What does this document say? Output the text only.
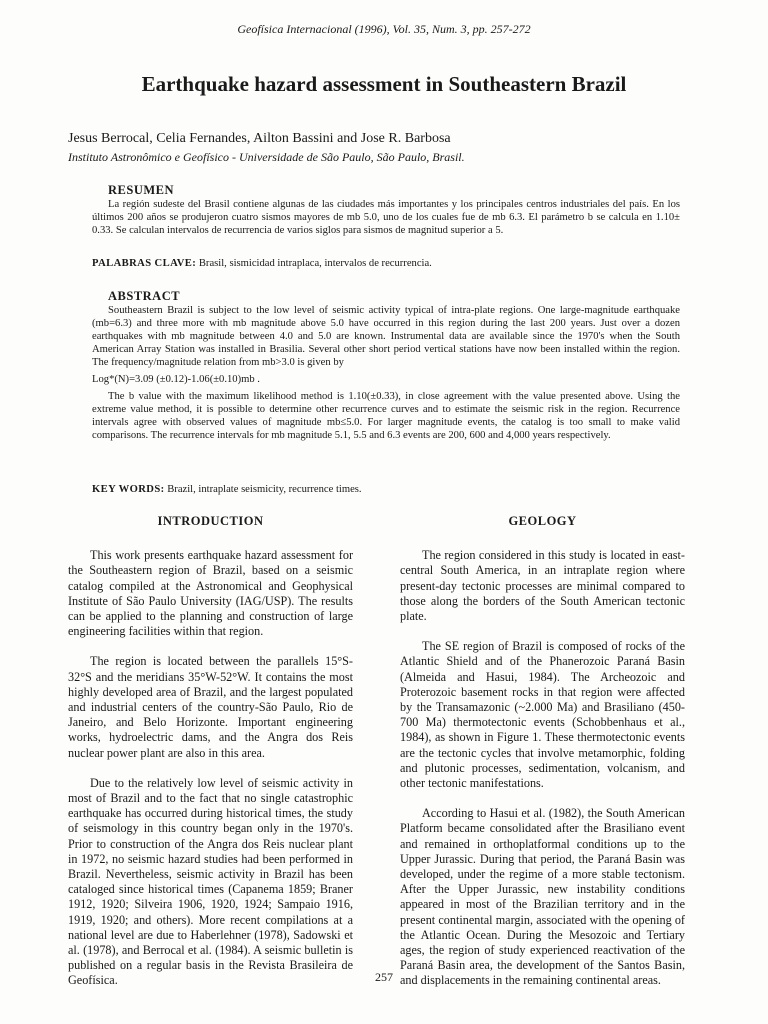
Geofísica Internacional (1996), Vol. 35, Num. 3, pp. 257-272
Earthquake hazard assessment in Southeastern Brazil
Jesus Berrocal, Celia Fernandes, Ailton Bassini and Jose R. Barbosa
Instituto Astronômico e Geofísico - Universidade de São Paulo, São Paulo, Brasil.
RESUMEN

La región sudeste del Brasil contiene algunas de las ciudades más importantes y los principales centros industriales del país. En los últimos 200 años se produjeron cuatro sismos mayores de mb 5.0, uno de los cuales fue de mb 6.3. El parámetro b se calcula en 1.10± 0.33. Se calculan intervalos de recurrencia de varios siglos para sismos de magnitud superior a 5.

PALABRAS CLAVE: Brasil, sismicidad intraplaca, intervalos de recurrencia.
ABSTRACT

Southeastern Brazil is subject to the low level of seismic activity typical of intra-plate regions. One large-magnitude earthquake (mb=6.3) and three more with mb magnitude above 5.0 have occurred in this region during the last 200 years. Just over a dozen earthquakes with mb magnitude between 4.0 and 5.0 are known. Instrumental data are available since the 1970's when the South American Array Station was installed in Brasilia. Several other short period vertical stations have now been installed within the region. The frequency/magnitude relation from mb>3.0 is given by

Log*(N)=3.09 (±0.12)-1.06(±0.10)mb .

The b value with the maximum likelihood method is 1.10(±0.33), in close agreement with the value presented above. Using the extreme value method, it is possible to determine other recurrence curves and to estimate the seismic risk in the region. Recurrence intervals agree with observed values of magnitude mb≤5.0. For larger magnitude events, the catalog is too small to make valid comparisons. The recurrence intervals for mb magnitude 5.1, 5.5 and 6.3 events are 200, 600 and 4,000 years respectively.

KEY WORDS: Brazil, intraplate seismicity, recurrence times.
INTRODUCTION

This work presents earthquake hazard assessment for the Southeastern region of Brazil, based on a seismic catalog compiled at the Astronomical and Geophysical Institute of São Paulo University (IAG/USP). The results can be applied to the planning and construction of large engineering facilities within that region.

The region is located between the parallels 15°S-32°S and the meridians 35°W-52°W. It contains the most highly developed area of Brazil, and the largest populated and industrial centers of the country-São Paulo, Rio de Janeiro, and Belo Horizonte. Important engineering works, hydroelectric dams, and the Angra dos Reis nuclear power plant are also in this area.

Due to the relatively low level of seismic activity in most of Brazil and to the fact that no single catastrophic earthquake has occurred during historical times, the study of seismology in this country began only in the 1970's. Prior to construction of the Angra dos Reis nuclear plant in 1972, no seismic hazard studies had been performed in Brazil. Nevertheless, seismic activity in Brazil has been cataloged since historical times (Capanema 1859; Braner 1912, 1920; Silveira 1906, 1920, 1924; Sampaio 1916, 1919, 1920; and others). More recent compilations at a national level are due to Haberlehner (1978), Sadowski et al. (1978), and Berrocal et al. (1984). A seismic bulletin is published on a regular basis in the Revista Brasileira de Geofísica.

GEOLOGY

The region considered in this study is located in east-central South America, in an intraplate region where present-day tectonic processes are minimal compared to those along the borders of the South American tectonic plate.

The SE region of Brazil is composed of rocks of the Atlantic Shield and of the Phanerozoic Paraná Basin (Almeida and Hasui, 1984). The Archeozoic and Proterozoic basement rocks in that region were affected by the Transamazonic (~2.000 Ma) and Brasiliano (450-700 Ma) thermotectonic events (Schobbenhaus et al., 1984), as shown in Figure 1. These thermotectonic events are the tectonic cycles that involve metamorphic, folding and plutonic processes, sedimentation, volcanism, and other tectonic manifestations.

According to Hasui et al. (1982), the South American Platform became consolidated after the Brasiliano event and remained in orthoplatformal conditions up to the Upper Jurassic. During that period, the Paraná Basin was developed, under the regime of a more stable tectonism. After the Upper Jurassic, new instability conditions appeared in most of the Brazilian territory and in the present continental margin, associated with the opening of the Atlantic Ocean. During the Mesozoic and Tertiary ages, the region of study experienced reactivation of the Paraná Basin area, the development of the Santos Basin, and displacements in the remaining continental areas.

257
